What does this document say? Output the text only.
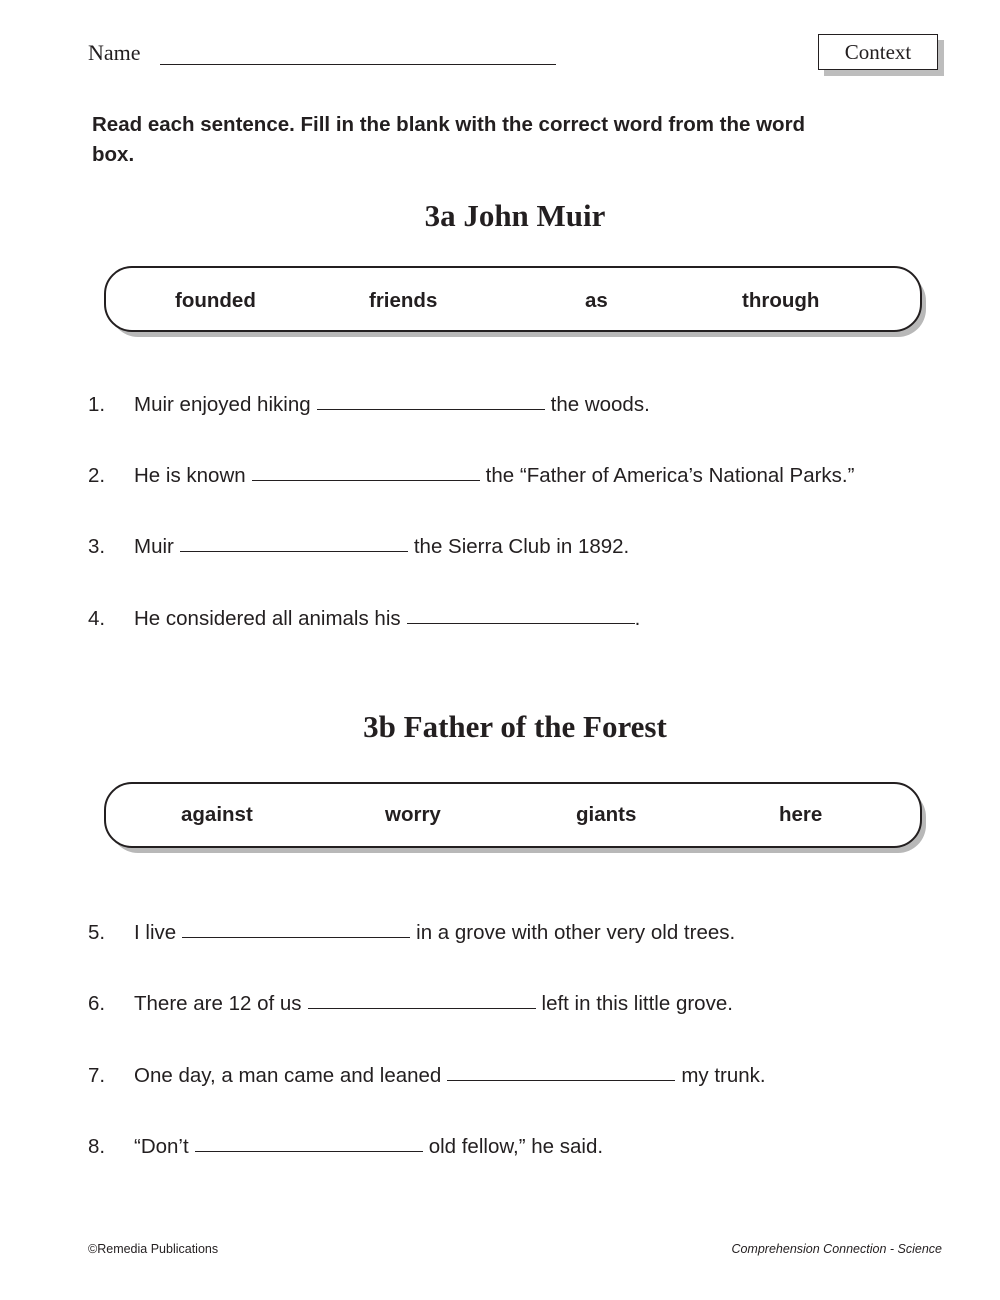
Name	Context
Read each sentence. Fill in the blank with the correct word from the word box.
3a John Muir
founded	friends	as	through
1. Muir enjoyed hiking	the woods.
2. He is known	the “Father of America’s National Parks.”
3. Muir	the Sierra Club in 1892.
4. He considered all animals his	.
3b Father of the Forest
against	worry	giants	here
5. I live	in a grove with other very old trees.
6. There are 12 of us	left in this little grove.
7. One day, a man came and leaned	my trunk.
8. “Don’t	old fellow,” he said.
©Remedia Publications	Comprehension Connection - Science
